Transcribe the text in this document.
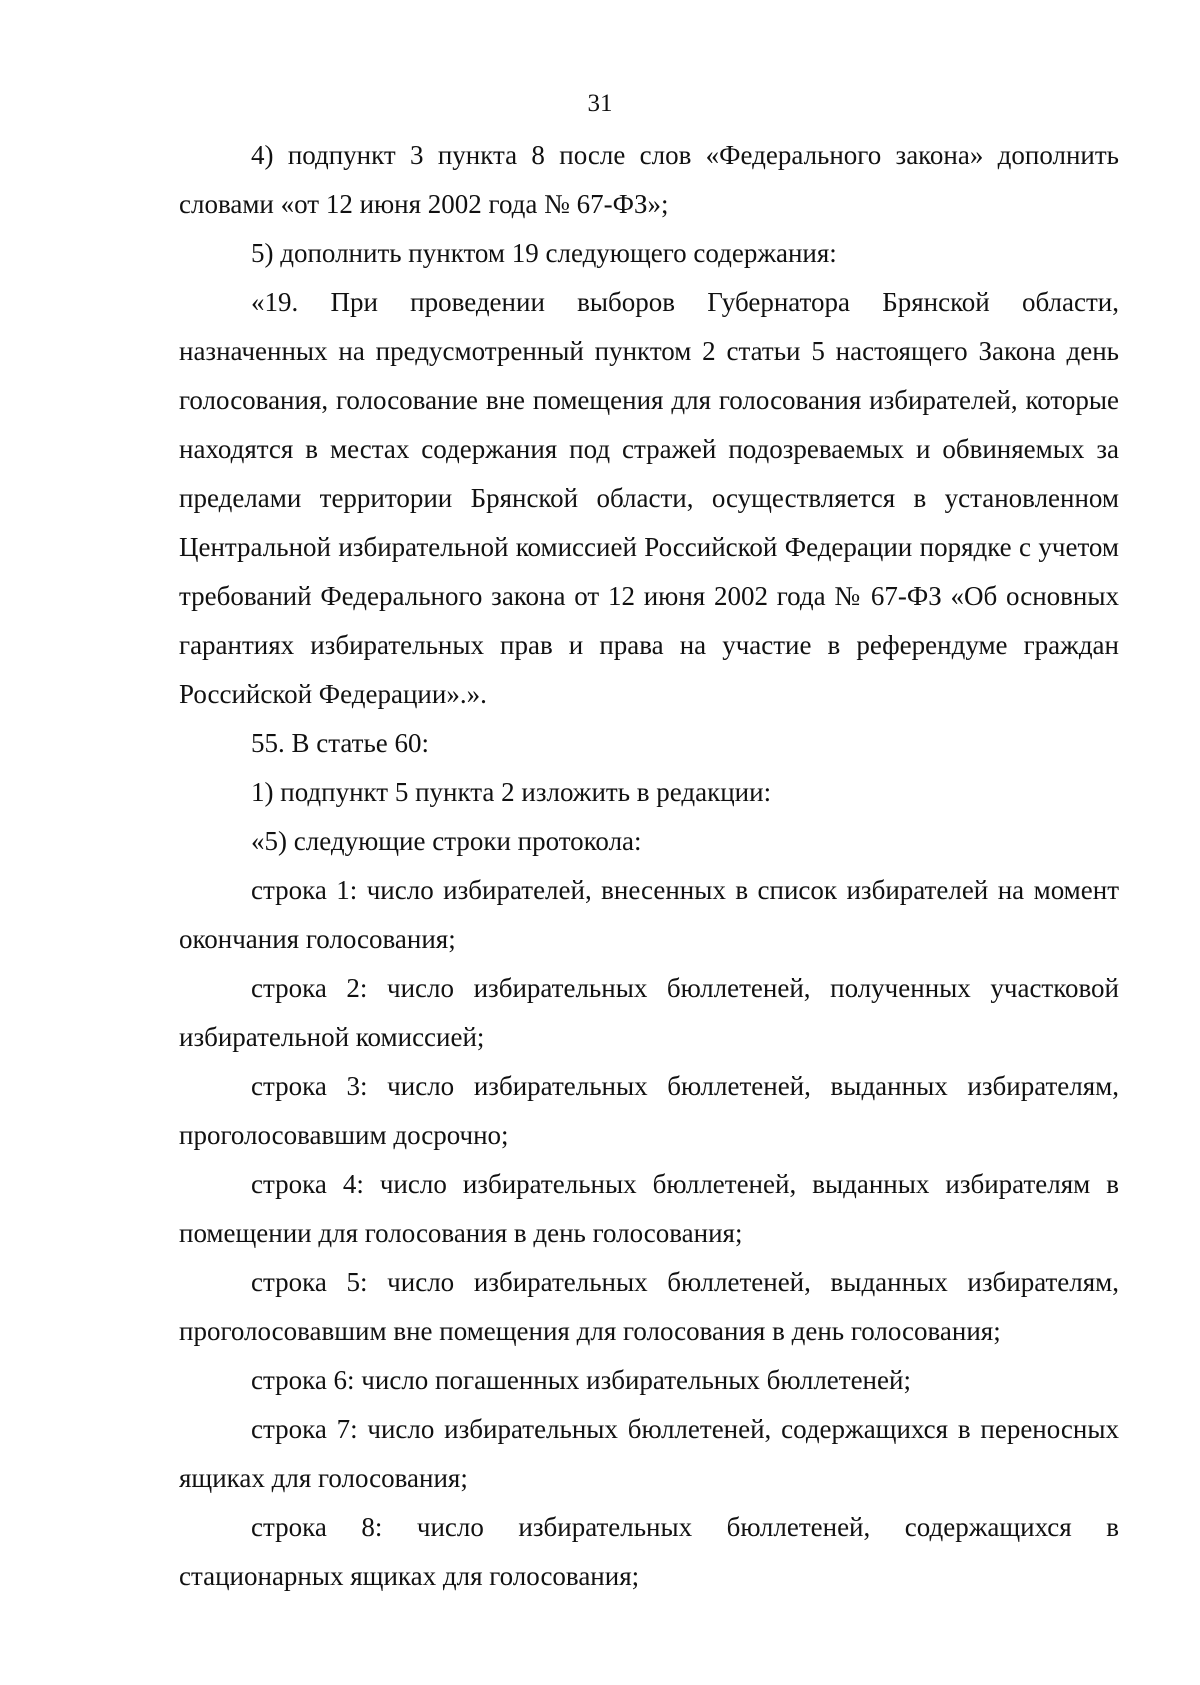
31

4) подпункт 3 пункта 8 после слов «Федерального закона» дополнить словами «от 12 июня 2002 года № 67-ФЗ»;

5) дополнить пунктом 19 следующего содержания:

«19. При проведении выборов Губернатора Брянской области, назначенных на предусмотренный пунктом 2 статьи 5 настоящего Закона день голосования, голосование вне помещения для голосования избирателей, которые находятся в местах содержания под стражей подозреваемых и обвиняемых за пределами территории Брянской области, осуществляется в установленном Центральной избирательной комиссией Российской Федерации порядке с учетом требований Федерального закона от 12 июня 2002 года № 67-ФЗ «Об основных гарантиях избирательных прав и права на участие в референдуме граждан Российской Федерации».».

55. В статье 60:

1) подпункт 5 пункта 2 изложить в редакции:

«5) следующие строки протокола:

строка 1: число избирателей, внесенных в список избирателей на момент окончания голосования;

строка 2: число избирательных бюллетеней, полученных участковой избирательной комиссией;

строка 3: число избирательных бюллетеней, выданных избирателям, проголосовавшим досрочно;

строка 4: число избирательных бюллетеней, выданных избирателям в помещении для голосования в день голосования;

строка 5: число избирательных бюллетеней, выданных избирателям, проголосовавшим вне помещения для голосования в день голосования;

строка 6: число погашенных избирательных бюллетеней;

строка 7: число избирательных бюллетеней, содержащихся в переносных ящиках для голосования;

строка 8: число избирательных бюллетеней, содержащихся в стационарных ящиках для голосования;
